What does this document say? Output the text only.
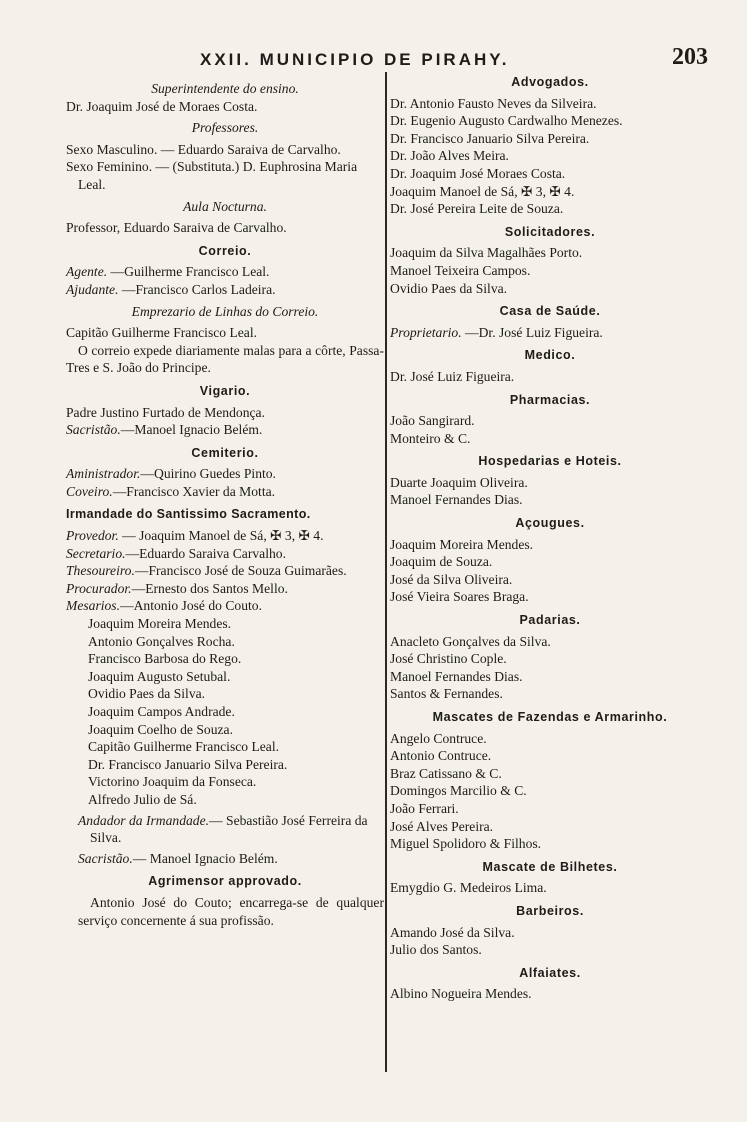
XXII. MUNICIPIO DE PIRAHY.	203
Superintendente do ensino.
Dr. Joaquim José de Moraes Costa.
Professores.
Sexo Masculino. — Eduardo Saraiva de Carvalho.
Sexo Feminino. — (Substituta.) D. Euphrosina Maria Leal.
Aula Nocturna.
Professor, Eduardo Saraiva de Carvalho.
Correio.
Agente. —Guilherme Francisco Leal.
Ajudante. —Francisco Carlos Ladeira.
Emprezario de Linhas do Correio.
Capitão Guilherme Francisco Leal.
O correio expede diariamente malas para a côrte, Passa-Tres e S. João do Principe.
Vigario.
Padre Justino Furtado de Mendonça.
Sacristão.—Manoel Ignacio Belém.
Cemiterio.
Aministrador.—Quirino Guedes Pinto.
Coveiro.—Francisco Xavier da Motta.
Irmandade do Santissimo Sacramento.
Provedor. — Joaquim Manoel de Sá, ✠ 3, ✠ 4.
Secretario.—Eduardo Saraiva Carvalho.
Thesoureiro.—Francisco José de Souza Guimarães.
Procurador.—Ernesto dos Santos Mello.
Mesarios.—Antonio José do Couto.
Joaquim Moreira Mendes.
Antonio Gonçalves Rocha.
Francisco Barbosa do Rego.
Joaquim Augusto Setubal.
Ovidio Paes da Silva.
Joaquim Campos Andrade.
Joaquim Coelho de Souza.
Capitão Guilherme Francisco Leal.
Dr. Francisco Januario Silva Pereira.
Victorino Joaquim da Fonseca.
Alfredo Julio de Sá.
Andador da Irmandade.— Sebastião José Ferreira da Silva.
Sacristão.— Manoel Ignacio Belém.
Agrimensor approvado.
Antonio José do Couto; encarrega-se de qualquer serviço concernente á sua profissão.
Advogados.
Dr. Antonio Fausto Neves da Silveira.
Dr. Eugenio Augusto Cardwalho Menezes.
Dr. Francisco Januario Silva Pereira.
Dr. João Alves Meira.
Dr. Joaquim José Moraes Costa.
Joaquim Manoel de Sá, ✠ 3, ✠ 4.
Dr. José Pereira Leite de Souza.
Solicitadores.
Joaquim da Silva Magalhães Porto.
Manoel Teixeira Campos.
Ovidio Paes da Silva.
Casa de Saúde.
Proprietario. —Dr. José Luiz Figueira.
Medico.
Dr. José Luiz Figueira.
Pharmacias.
João Sangirard.
Monteiro & C.
Hospedarias e Hoteis.
Duarte Joaquim Oliveira.
Manoel Fernandes Dias.
Açougues.
Joaquim Moreira Mendes.
Joaquim de Souza.
José da Silva Oliveira.
José Vieira Soares Braga.
Padarias.
Anacleto Gonçalves da Silva.
José Christino Cople.
Manoel Fernandes Dias.
Santos & Fernandes.
Mascates de Fazendas e Armarinho.
Angelo Contruce.
Antonio Contruce.
Braz Catissano & C.
Domingos Marcilio & C.
João Ferrari.
José Alves Pereira.
Miguel Spolidoro & Filhos.
Mascate de Bilhetes.
Emygdio G. Medeiros Lima.
Barbeiros.
Amando José da Silva.
Julio dos Santos.
Alfaiates.
Albino Nogueira Mendes.
